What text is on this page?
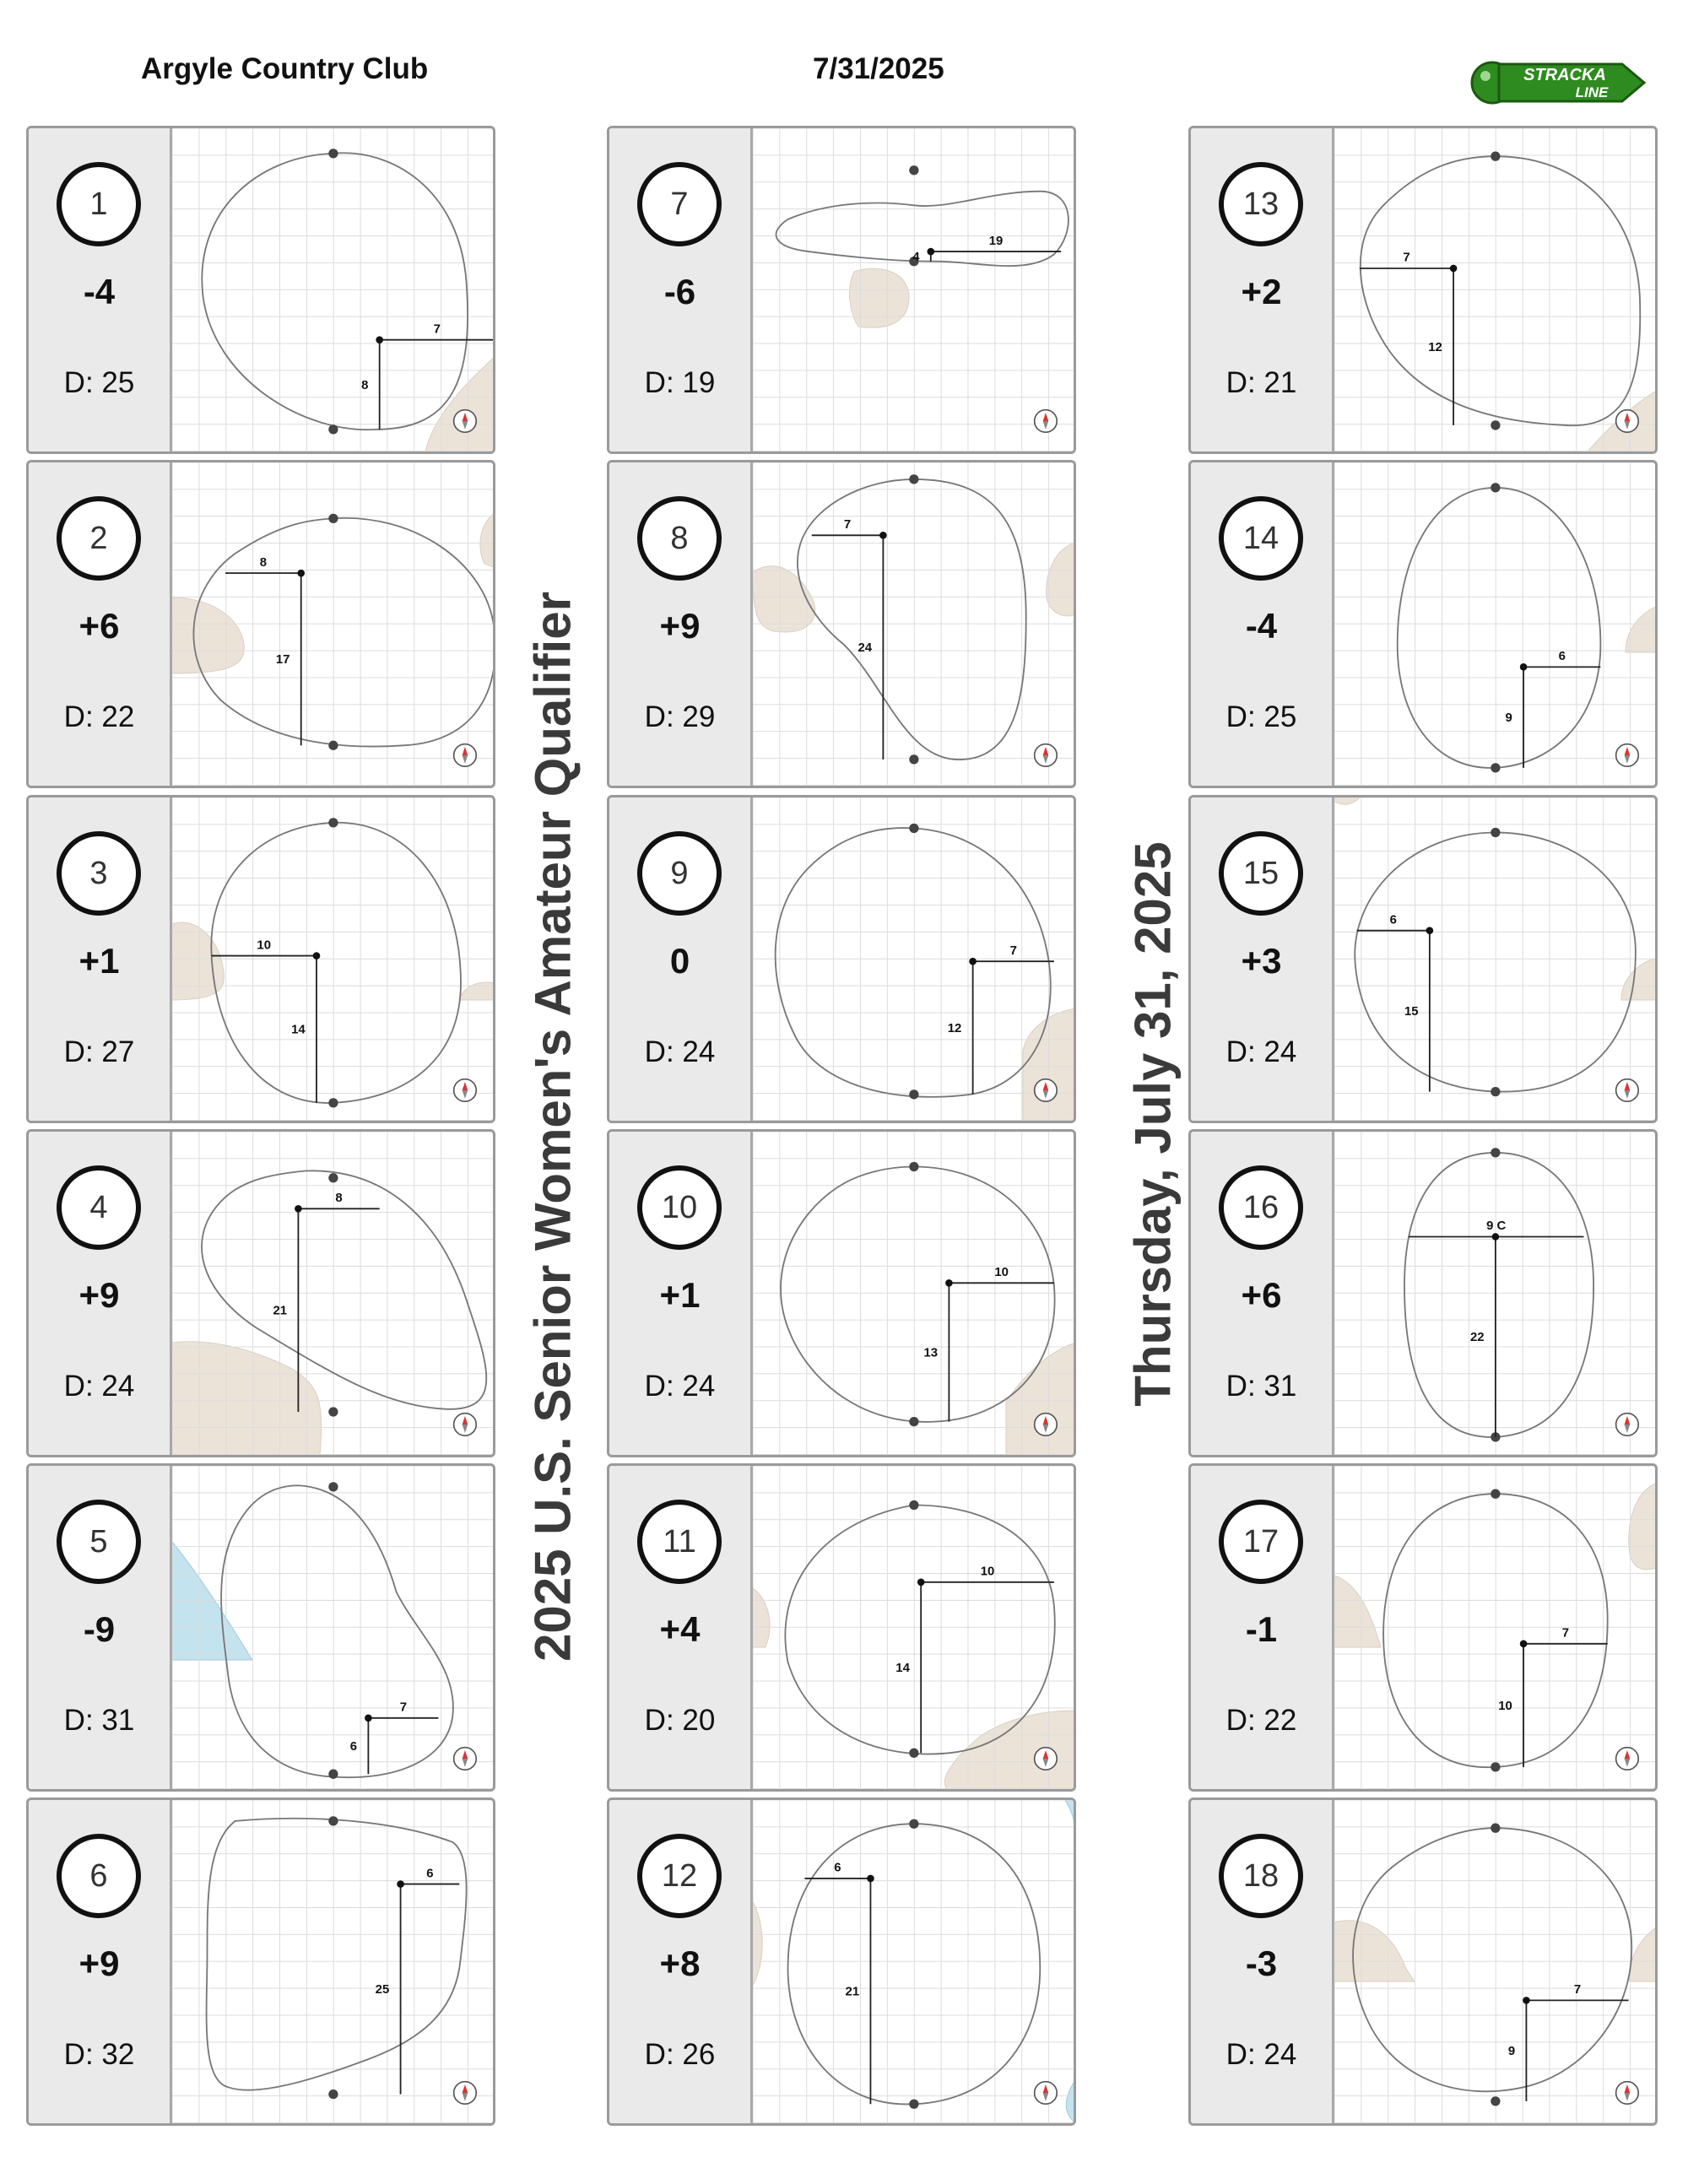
Argyle Country Club	7/31/2025	STRACKA
LINE
2025 U.S. Senior Women's Amateur Qualifier	Thursday, July 31, 2025
1
-4
D: 25
7
8
2
+6
D: 22
8
17
3
+1
D: 27
10
14
4
+9
D: 24
8
21
5
-9
D: 31	7
6
6
+9
D: 32
6
25
7
-6
D: 19
19
4
8
+9
D: 29
7
24
9
0
D: 24
7
12
10
+1
D: 24
10
13
11
+4
D: 20
10
14
12
+8
D: 26
6
21
13
+2
D: 21
7
12
14
-4
D: 25
6
9
15
+3
D: 24
6
15
16
+6
D: 31
9 C
22
17
-1
D: 22
7
10
18
-3
D: 24
7
9
